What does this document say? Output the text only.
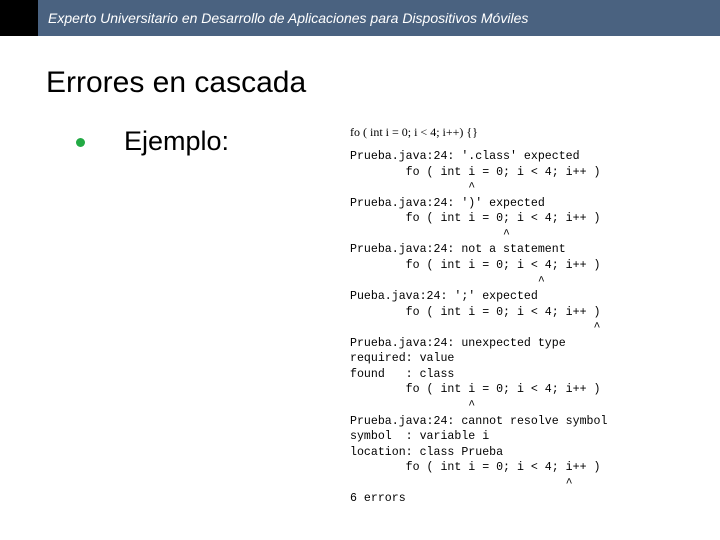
Experto Universitario en Desarrollo de Aplicaciones para Dispositivos Móviles
Errores en cascada
Ejemplo:	fo ( int i = 0; i < 4; i++) {}
Prueba.java:24: '.class' expected
fo ( int i = 0; i < 4; i++ )
^
Prueba.java:24: ')' expected
fo ( int i = 0; i < 4; i++ )
^
Prueba.java:24: not a statement
fo ( int i = 0; i < 4; i++ )
^
Pueba.java:24: ';' expected
fo ( int i = 0; i < 4; i++ )
^
Prueba.java:24: unexpected type
required: value
found   : class
fo ( int i = 0; i < 4; i++ )
^
Prueba.java:24: cannot resolve symbol
symbol  : variable i
location: class Prueba
fo ( int i = 0; i < 4; i++ )
^
6 errors
